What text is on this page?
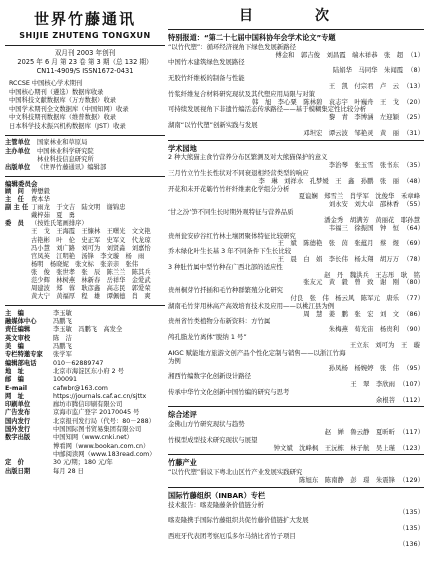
世界竹藤通讯
SHIJIE ZHUTENG TONGXUN

双月刊 2003 年创刊

2025 年 6 月 第 23 卷 第 3 期（总 132 期）

CN11-4909/S ISSN1672-0431

RCCSE 中国核心学术期刊

中国核心期刊（遴选）数据库收录

中国科技文献数据库（万方数据）收录

中国学术期刊全文数据库（中国知网）收录

中文科技期刊数据库（维普数据）收录

日本科学技术振兴机构数据库（JST）收录

主管单位	国家林业和草原局
主办单位	中国林业科学研究院
林业科技信息研究所
出版单位	《世界竹藤通讯》编辑部
编辑委员会
顾　问	傅懋毅
主　任	费本华
副 主 任 丁雨龙　于文吉　陆文明　谢锦忠
戴梓茹　夏　勇
委　员	（按姓氏笔画排序）
王　戈　王海霞　王慷林　王曙光　文文艳
古艳彬　叶　伦　史正军　史军义　代龙琼
冯小慧　刘广路　刘可为　刘贤淼　刘嘉怡
官凤英　江明艳　汤锋　李文璇　杨　雨
杨明　杨晓妮　张文标　张亲亲　张伟
张　俊　张世孝　张　辰　陈兰兰　陈其兵
范少辉　林树燕　林新春　岳祥华　金爱武
周建波　郑　蓉　耿彦鑫　高志民　郭爱荣
黄大宁　黄福厚　程　雄　谭佩德　肖　爽
主　编	李玉敏
融媒体中心	冯鹏飞
责任编辑	李玉敏　冯鹏飞　高发全
英文审校	陈　洁
美　编	冯鹏飞
专栏特邀专家	张学军
编辑部电话	010－62889747
地　址	北京市海淀区东小府 2 号
邮　编	100091
E-mail	cafwbr@163.com
网　址	https://journals.caf.ac.cn/sjttx
印刷单位	廊坊市腾信印刷有限公司
广告发布	京海市监广登字 20170045 号
国内发行	北京报刊发行局（代号：80－288）
国外发行	中国国际图书贸易集团有限公司
数字出版	中国知网（www.cnki.net）
博看网（www.bookan.com.cn）
中邮阅读网（www.183read.com）
定　价	30 元/期；180 元/年
出版日期	每月 28 日
目　次
特别报道：“第二十七届中国科协年会学术论文”专题
“以竹代塑”：循环经济视角下绿色发展新路径
傅金和　郭吉俊　刘昌霞　端木祥恭　张　超 （1）
中国竹木建筑绿色发展路径
陆娟华　马同华　朱闻霞 （8）
无胶竹纤维板的制备与性能
王　凯　付宗君　卢　云 （13）
竹浆纤维复合材料研究现状及其代塑应用局限与对策
韩　旭　李心粟　陈林碧　袁志宇　叶巍舟　王　戈 （20）
可持续发展视角下非遗竹编活态传承路径——基于模糊集定性比较分析
黎　青　李博涵　左迎颖 （25）
湖南“以竹代塑”创新实践与发展
邓坦宏　谭云波　邹艳灵　黄　丽 （31）
学术园地
2 种大熊猫主食竹营养分布区繁测及对大熊猫保护的意义
李治琴　张玉雪　张书东 （35）
三月竹立竹生长性状对不同衰退相经营类型的响应
李　琳　刘祥水　孔梦媛　王　鑫　孙鹏　张　丽 （48）
开花和未开花簕竹竹秆纤维素化学组分分析
夏谊娴　郑雪兰　肖学军　沈俊华　禾章峰
刘永安　刘大卓　邵林香 （55）
‘甘之汾’笋不同生长时期外观特征与营养品质
潘金秀　胡满芳　黄丽花　耶孙慧
韦福三　徐振国　钟　恒 （64）
贵州瓮安矽谷红竹林土壤团聚体特征比较研究
王　斌　陈德艳　张　茵　张蕴月　蔡　煜 （69）
乔木绿化叶生长基 3 年不同条件下生长比较
王　晨　白　娟　李长伟　杨太翔　胡万万 （78）
3 种肚竹属中型竹种在广西北部的适应性
赵　丹　魏洪兵　王志彤　耿　铭
张友元　黄　毅　曾　致　谢　刚 （80）
贵州桐芽竹扦插和毛竹种群繁殖分化研究
付良　张　伟　杨云风　陈军元　唐乐 （77）
湖南毛竹芽用林高产高效培育技术及应用——以桃江县为例
周　慧　姜　鹏　张　宏　刘　文 （86）
贵州省竹类植物分布新资料：方竹属
朱梅燕　荀光宙　杨贵利 （90）
鸬孔脂龙竹离体“脱纳 1 号”
王立东　刘可为　王　璇
AIGC 赋能地方旅游文创产品个性化定制与销售——以浙江竹海
为例
孙凤杨　杨婉婷　张　伟 （95）
湘西竹编数字化创新设计路径
王　翠　李欣雨 （107）
传承中华竹文化创新中国竹编的研究与思考
余根菩 （112）
综合述评
金佛山方竹研究现状与趋势
赵　婵　鲁云静　夏昕昕 （117）
竹模型成型技术研究现状与展望
钟文斌　沈峰枫　王沅栋　林子航　吴上瑾 （123）
竹藤产业
“以竹代塑”倡议下粤北山区竹产业发展实践研究
陈旭东　陈南静　彭　璟　朱震锋 （129）
国际竹藤组织（INBAR）专栏
技术报告：喀麦隆藤条价值链分析
（135）
喀麦隆携手国际竹藤组织共促竹藤价值链扩大发展
（135）
西班牙代表团考察厄瓜多尔马纳比省竹子项目
（136）
